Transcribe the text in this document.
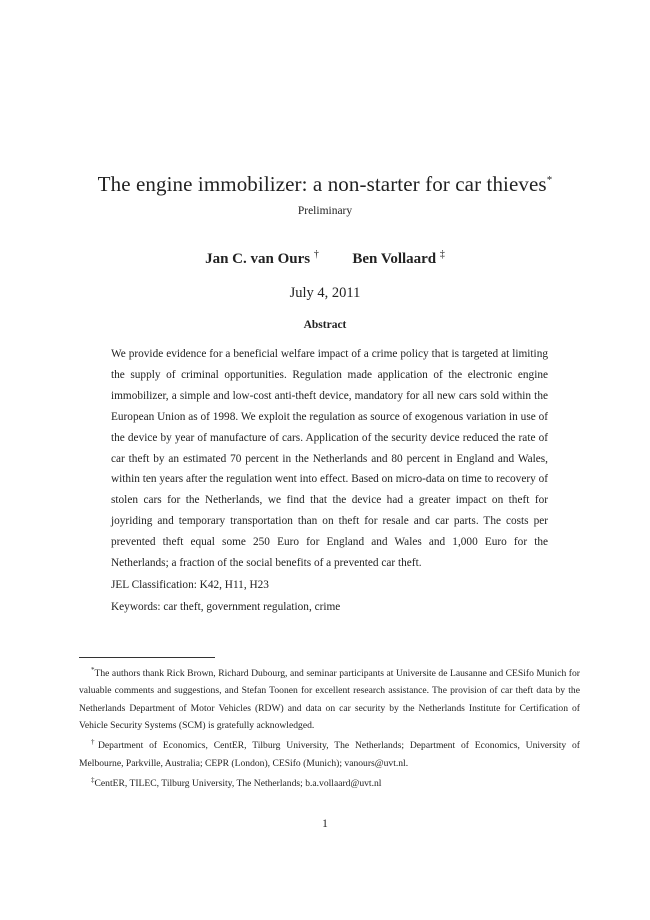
The engine immobilizer: a non-starter for car thieves*
Preliminary
Jan C. van Ours † Ben Vollaard ‡
July 4, 2011
Abstract

We provide evidence for a beneficial welfare impact of a crime policy that is targeted at limiting the supply of criminal opportunities. Regulation made application of the electronic engine immobilizer, a simple and low-cost anti-theft device, mandatory for all new cars sold within the European Union as of 1998. We exploit the regulation as source of exogenous variation in use of the device by year of manufacture of cars. Application of the security device reduced the rate of car theft by an estimated 70 percent in the Netherlands and 80 percent in England and Wales, within ten years after the regulation went into effect. Based on micro-data on time to recovery of stolen cars for the Netherlands, we find that the device had a greater impact on theft for joyriding and temporary transportation than on theft for resale and car parts. The costs per prevented theft equal some 250 Euro for England and Wales and 1,000 Euro for the Netherlands; a fraction of the social benefits of a prevented car theft.

JEL Classification: K42, H11, H23

Keywords: car theft, government regulation, crime

*The authors thank Rick Brown, Richard Dubourg, and seminar participants at Universite de Lausanne and CESifo Munich for valuable comments and suggestions, and Stefan Toonen for excellent research assistance. The provision of car theft data by the Netherlands Department of Motor Vehicles (RDW) and data on car security by the Netherlands Institute for Certification of Vehicle Security Systems (SCM) is gratefully acknowledged.

†Department of Economics, CentER, Tilburg University, The Netherlands; Department of Economics, University of Melbourne, Parkville, Australia; CEPR (London), CESifo (Munich); vanours@uvt.nl.

‡CentER, TILEC, Tilburg University, The Netherlands; b.a.vollaard@uvt.nl

1
